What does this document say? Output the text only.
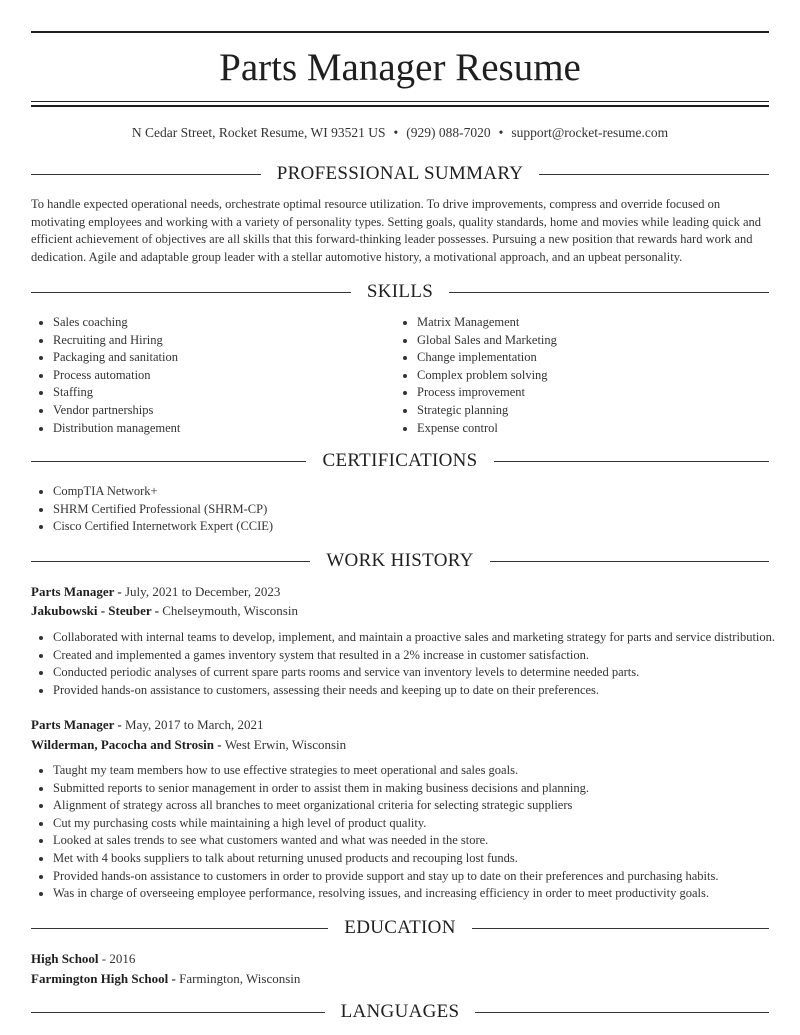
Parts Manager Resume
N Cedar Street, Rocket Resume, WI 93521 US • (929) 088-7020 • support@rocket-resume.com
PROFESSIONAL SUMMARY

To handle expected operational needs, orchestrate optimal resource utilization. To drive improvements, compress and override focused on motivating employees and working with a variety of personality types. Setting goals, quality standards, home and movies while leading quick and efficient achievement of objectives are all skills that this forward-thinking leader possesses. Pursuing a new position that rewards hard work and dedication. Agile and adaptable group leader with a stellar automotive history, a motivational approach, and an upbeat personality.

SKILLS
• Sales coaching
• Recruiting and Hiring
• Packaging and sanitation
• Process automation
• Staffing
• Vendor partnerships
• Distribution management
• Matrix Management
• Global Sales and Marketing
• Change implementation
• Complex problem solving
• Process improvement
• Strategic planning
• Expense control
CERTIFICATIONS
• CompTIA Network+
• SHRM Certified Professional (SHRM-CP)
• Cisco Certified Internetwork Expert (CCIE)
WORK HISTORY
Parts Manager - July, 2021 to December, 2023
Jakubowski - Steuber - Chelseymouth, Wisconsin
• Collaborated with internal teams to develop, implement, and maintain a proactive sales and marketing strategy for parts and service distribution.
• Created and implemented a games inventory system that resulted in a 2% increase in customer satisfaction.
• Conducted periodic analyses of current spare parts rooms and service van inventory levels to determine needed parts.
• Provided hands-on assistance to customers, assessing their needs and keeping up to date on their preferences.
Parts Manager - May, 2017 to March, 2021
Wilderman, Pacocha and Strosin - West Erwin, Wisconsin
• Taught my team members how to use effective strategies to meet operational and sales goals.
• Submitted reports to senior management in order to assist them in making business decisions and planning.
• Alignment of strategy across all branches to meet organizational criteria for selecting strategic suppliers
• Cut my purchasing costs while maintaining a high level of product quality.
• Looked at sales trends to see what customers wanted and what was needed in the store.
• Met with 4 books suppliers to talk about returning unused products and recouping lost funds.
• Provided hands-on assistance to customers in order to provide support and stay up to date on their preferences and purchasing habits.
• Was in charge of overseeing employee performance, resolving issues, and increasing efficiency in order to meet productivity goals.
EDUCATION
High School - 2016
Farmington High School - Farmington, Wisconsin
LANGUAGES
